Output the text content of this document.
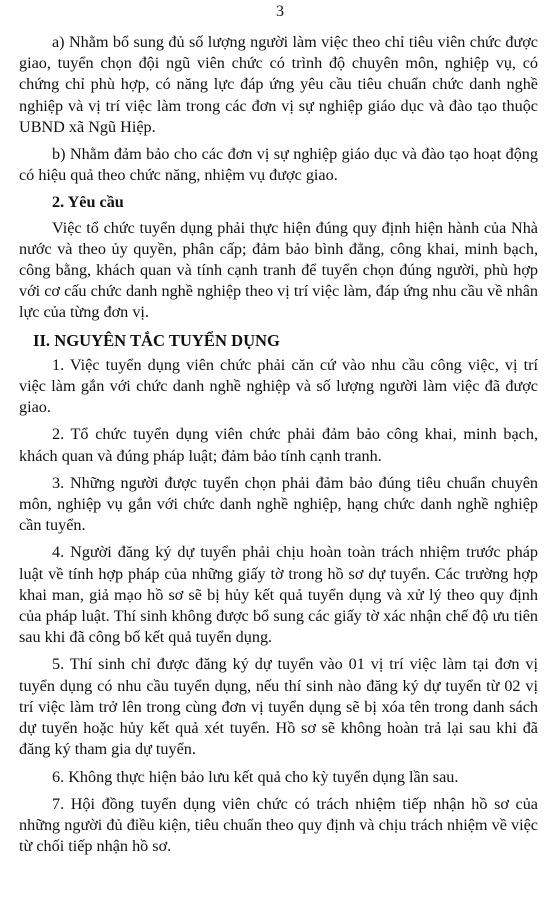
3

a) Nhằm bổ sung đủ số lượng người làm việc theo chỉ tiêu viên chức được giao, tuyển chọn đội ngũ viên chức có trình độ chuyên môn, nghiệp vụ, có chứng chỉ phù hợp, có năng lực đáp ứng yêu cầu tiêu chuẩn chức danh nghề nghiệp và vị trí việc làm trong các đơn vị sự nghiệp giáo dục và đào tạo thuộc UBND xã Ngũ Hiệp.

b) Nhằm đảm bảo cho các đơn vị sự nghiệp giáo dục và đào tạo hoạt động có hiệu quả theo chức năng, nhiệm vụ được giao.

2. Yêu cầu

Việc tổ chức tuyển dụng phải thực hiện đúng quy định hiện hành của Nhà nước và theo ủy quyền, phân cấp; đảm bảo bình đẳng, công khai, minh bạch, công bằng, khách quan và tính cạnh tranh để tuyển chọn đúng người, phù hợp với cơ cấu chức danh nghề nghiệp theo vị trí việc làm, đáp ứng nhu cầu về nhân lực của từng đơn vị.

II. NGUYÊN TẮC TUYỂN DỤNG

1. Việc tuyển dụng viên chức phải căn cứ vào nhu cầu công việc, vị trí việc làm gắn với chức danh nghề nghiệp và số lượng người làm việc đã được giao.

2. Tổ chức tuyển dụng viên chức phải đảm bảo công khai, minh bạch, khách quan và đúng pháp luật; đảm bảo tính cạnh tranh.

3. Những người được tuyển chọn phải đảm bảo đúng tiêu chuẩn chuyên môn, nghiệp vụ gắn với chức danh nghề nghiệp, hạng chức danh nghề nghiệp cần tuyển.

4. Người đăng ký dự tuyển phải chịu hoàn toàn trách nhiệm trước pháp luật về tính hợp pháp của những giấy tờ trong hồ sơ dự tuyển. Các trường hợp khai man, giả mạo hồ sơ sẽ bị hủy kết quả tuyển dụng và xử lý theo quy định của pháp luật. Thí sinh không được bổ sung các giấy tờ xác nhận chế độ ưu tiên sau khi đã công bố kết quả tuyển dụng.

5. Thí sinh chỉ được đăng ký dự tuyển vào 01 vị trí việc làm tại đơn vị tuyển dụng có nhu cầu tuyển dụng, nếu thí sinh nào đăng ký dự tuyển từ 02 vị trí việc làm trở lên trong cùng đơn vị tuyển dụng sẽ bị xóa tên trong danh sách dự tuyển hoặc hủy kết quả xét tuyển. Hồ sơ sẽ không hoàn trả lại sau khi đã đăng ký tham gia dự tuyển.

6. Không thực hiện bảo lưu kết quả cho kỳ tuyển dụng lần sau.

7. Hội đồng tuyển dụng viên chức có trách nhiệm tiếp nhận hồ sơ của những người đủ điều kiện, tiêu chuẩn theo quy định và chịu trách nhiệm về việc từ chối tiếp nhận hồ sơ.
